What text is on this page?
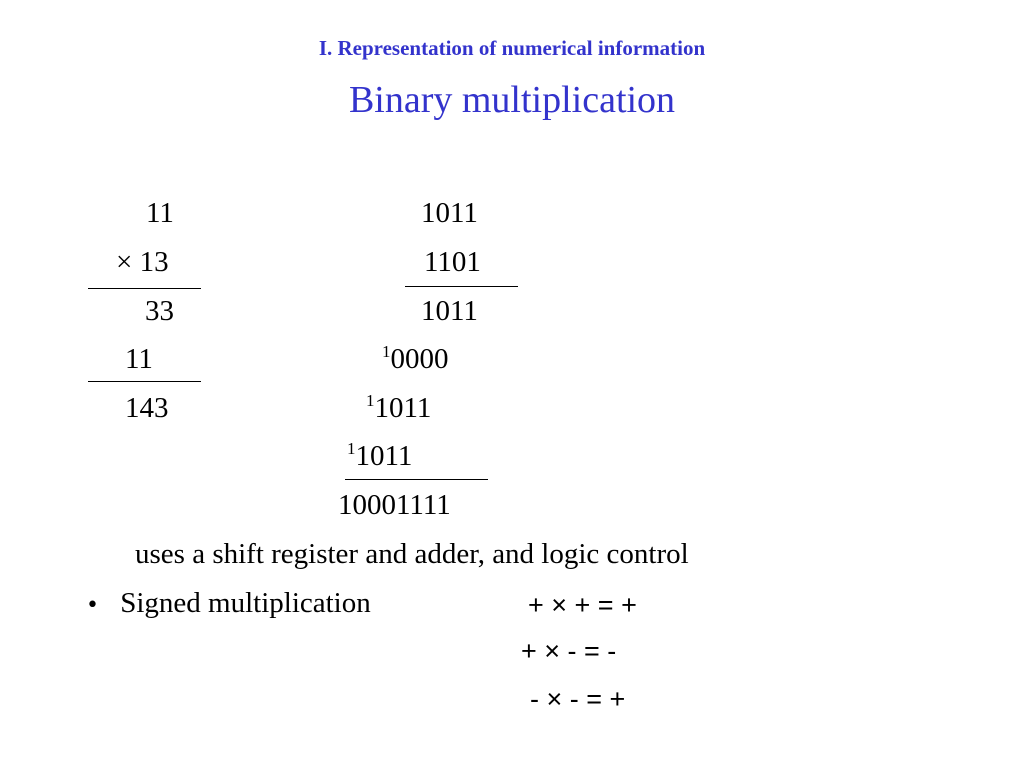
I. Representation of numerical information
Binary multiplication
11
× 13
33
11
143
1011
1101
1011
$^1$0000
$^1$1011
$^1$1011
10001111
uses a shift register and adder, and logic control
• Signed multiplication	+ × + = +
+ × - = -
- × - = +
